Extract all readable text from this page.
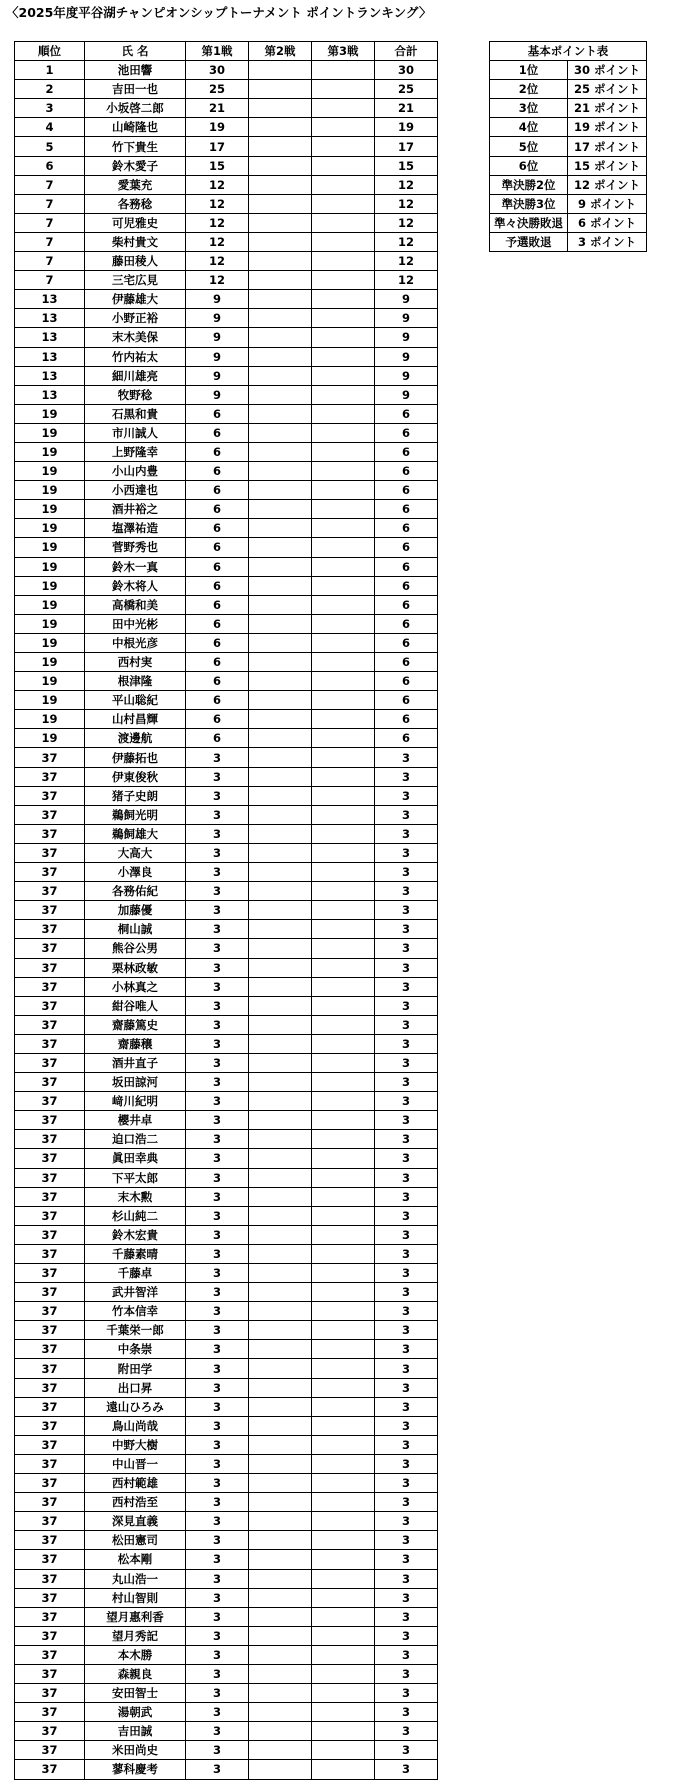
〈2025年度平谷湖チャンピオンシップトーナメント ポイントランキング〉
順位	氏 名	第1戦	第2戦	第3戦	合計
1	池田響	30			30
2	吉田一也	25			25
3	小坂啓二郎	21			21
4	山崎隆也	19			19
5	竹下貴生	17			17
6	鈴木愛子	15			15
7	愛葉充	12			12
7	各務稔	12			12
7	可児雅史	12			12
7	柴村貴文	12			12
7	藤田稜人	12			12
7	三宅広見	12			12
13	伊藤雄大	9			9
13	小野正裕	9			9
13	末木美保	9			9
13	竹内祐太	9			9
13	細川雄亮	9			9
13	牧野稔	9			9
19	石黒和貴	6			6
19	市川誠人	6			6
19	上野隆幸	6			6
19	小山内豊	6			6
19	小西達也	6			6
19	酒井裕之	6			6
19	塩澤祐造	6			6
19	菅野秀也	6			6
19	鈴木一真	6			6
19	鈴木将人	6			6
19	高橋和美	6			6
19	田中光彬	6			6
19	中根光彦	6			6
19	西村実	6			6
19	根津隆	6			6
19	平山聡紀	6			6
19	山村昌輝	6			6
19	渡邊航	6			6
37	伊藤拓也	3			3
37	伊東俊秋	3			3
37	猪子史朗	3			3
37	鵜飼光明	3			3
37	鵜飼雄大	3			3
37	大高大	3			3
37	小澤良	3			3
37	各務佑紀	3			3
37	加藤優	3			3
37	桐山誠	3			3
37	熊谷公男	3			3
37	栗林政敏	3			3
37	小林真之	3			3
37	紺谷唯人	3			3
37	齋藤篤史	3			3
37	齋藤穣	3			3
37	酒井直子	3			3
37	坂田諒河	3			3
37	﨑川紀明	3			3
37	櫻井卓	3			3
37	迫口浩二	3			3
37	眞田幸典	3			3
37	下平太郎	3			3
37	末木勲	3			3
37	杉山純二	3			3
37	鈴木宏貴	3			3
37	千藤素晴	3			3
37	千藤卓	3			3
37	武井智洋	3			3
37	竹本信幸	3			3
37	千葉栄一郎	3			3
37	中条崇	3			3
37	附田学	3			3
37	出口昇	3			3
37	遠山ひろみ	3			3
37	鳥山尚哉	3			3
37	中野大樹	3			3
37	中山晋一	3			3
37	西村範雄	3			3
37	西村浩至	3			3
37	深見直義	3			3
37	松田憲司	3			3
37	松本剛	3			3
37	丸山浩一	3			3
37	村山智則	3			3
37	望月惠利香	3			3
37	望月秀記	3			3
37	本木勝	3			3
37	森親良	3			3
37	安田智士	3			3
37	湯朝武	3			3
37	吉田誠	3			3
37	米田尚史	3			3
37	蓼科慶考	3			3
基本ポイント表	
1位	30 ポイント
2位	25 ポイント
3位	21 ポイント
4位	19 ポイント
5位	17 ポイント
6位	15 ポイント
準決勝2位	12 ポイント
準決勝3位	9 ポイント
準々決勝敗退	6 ポイント
予選敗退	3 ポイント
